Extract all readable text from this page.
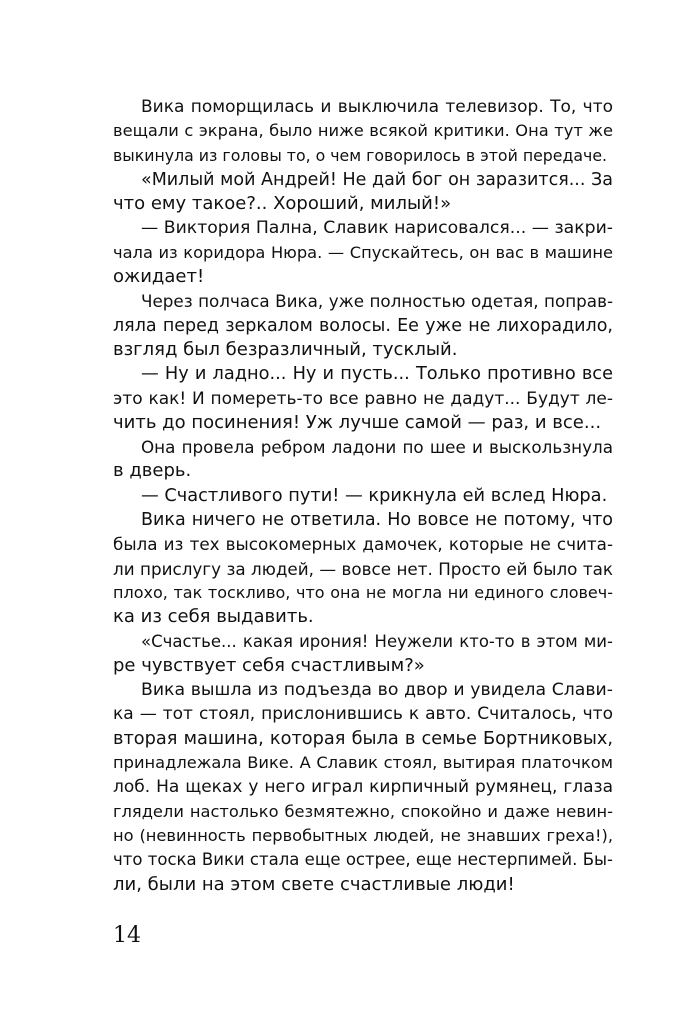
Вика поморщилась и выключила телевизор. То, что
вещали с экрана, было ниже всякой критики. Она тут же
выкинула из головы то, о чем говорилось в этой передаче.
«Милый мой Андрей! Не дай бог он заразится... За
что ему такое?.. Хороший, милый!»
— Виктория Пална, Славик нарисовался... — закри-
чала из коридора Нюра. — Спускайтесь, он вас в машине
ожидает!
Через полчаса Вика, уже полностью одетая, поправ-
ляла перед зеркалом волосы. Ее уже не лихорадило,
взгляд был безразличный, тусклый.
— Ну и ладно... Ну и пусть... Только противно все
это как! И помереть-то все равно не дадут... Будут ле-
чить до посинения! Уж лучше самой — раз, и все...
Она провела ребром ладони по шее и выскользнула
в дверь.
— Счастливого пути! — крикнула ей вслед Нюра.
Вика ничего не ответила. Но вовсе не потому, что
была из тех высокомерных дамочек, которые не счита-
ли прислугу за людей, — вовсе нет. Просто ей было так
плохо, так тоскливо, что она не могла ни единого словеч-
ка из себя выдавить.
«Счастье... какая ирония! Неужели кто-то в этом ми-
ре чувствует себя счастливым?»
Вика вышла из подъезда во двор и увидела Слави-
ка — тот стоял, прислонившись к авто. Считалось, что
вторая машина, которая была в семье Бортниковых,
принадлежала Вике. А Славик стоял, вытирая платочком
лоб. На щеках у него играл кирпичный румянец, глаза
глядели настолько безмятежно, спокойно и даже невин-
но (невинность первобытных людей, не знавших греха!),
что тоска Вики стала еще острее, еще нестерпимей. Бы-
ли, были на этом свете счастливые люди!
14
